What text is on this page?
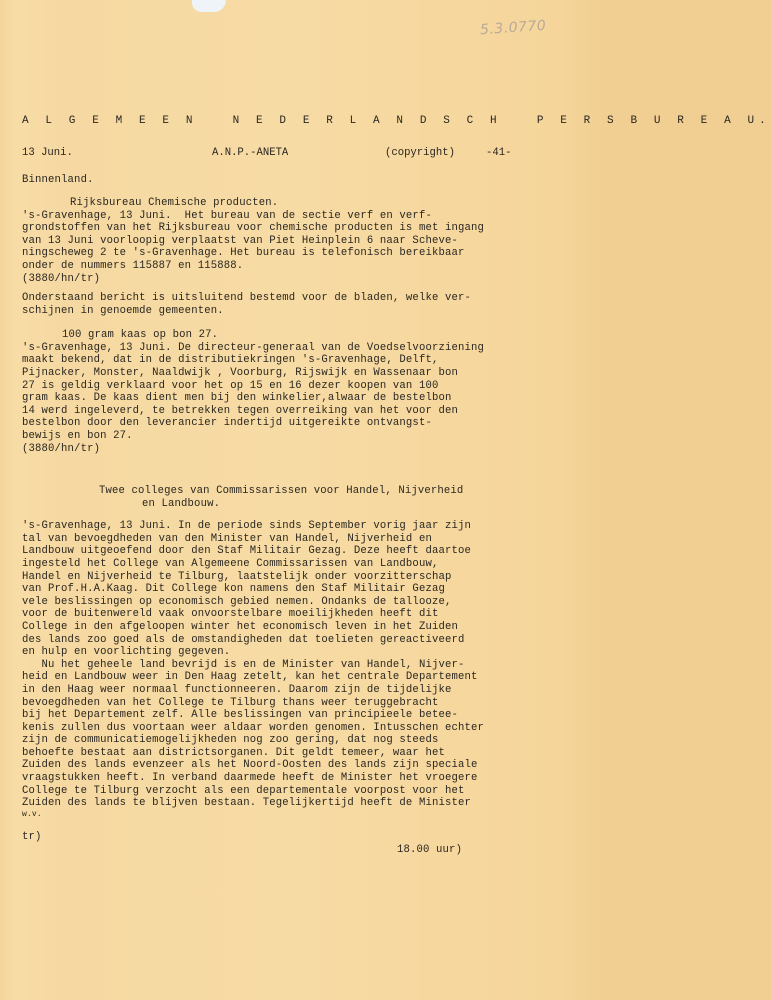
5.3.0770
A L G E M E E N   N E D E R L A N D S C H   P E R S B U R E A U.

13 Juni.

	A.N.P.-ANETA

	(copyright)

	-41-

Binnenland.
Rijksbureau Chemische producten.
's-Gravenhage, 13 Juni.  Het bureau van de sectie verf en verf-
grondstoffen van het Rijksbureau voor chemische producten is met ingang
van 13 Juni voorloopig verplaatst van Piet Heinplein 6 naar Scheve-
ningscheweg 2 te 's-Gravenhage. Het bureau is telefonisch bereikbaar
onder de nummers 115887 en 115888.
(3880/hn/tr)
Onderstaand bericht is uitsluitend bestemd voor de bladen, welke ver-
schijnen in genoemde gemeenten.
100 gram kaas op bon 27.
's-Gravenhage, 13 Juni. De directeur-generaal van de Voedselvoorziening
maakt bekend, dat in de distributiekringen 's-Gravenhage, Delft,
Pijnacker, Monster, Naaldwijk , Voorburg, Rijswijk en Wassenaar bon
27 is geldig verklaard voor het op 15 en 16 dezer koopen van 100
gram kaas. De kaas dient men bij den winkelier,alwaar de bestelbon
14 werd ingeleverd, te betrekken tegen overreiking van het voor den
bestelbon door den leverancier indertijd uitgereikte ontvangst-
bewijs en bon 27.
(3880/hn/tr)
Twee colleges van Commissarissen voor Handel, Nijverheid
en Landbouw.
's-Gravenhage, 13 Juni. In de periode sinds September vorig jaar zijn
tal van bevoegdheden van den Minister van Handel, Nijverheid en
Landbouw uitgeoefend door den Staf Militair Gezag. Deze heeft daartoe
ingesteld het College van Algemeene Commissarissen van Landbouw,
Handel en Nijverheid te Tilburg, laatstelijk onder voorzitterschap
van Prof.H.A.Kaag. Dit College kon namens den Staf Militair Gezag
vele beslissingen op economisch gebied nemen. Ondanks de tallooze,
voor de buitenwereld vaak onvoorstelbare moeilijkheden heeft dit
College in den afgeloopen winter het economisch leven in het Zuiden
des lands zoo goed als de omstandigheden dat toelieten gereactiveerd
en hulp en voorlichting gegeven.
Nu het geheele land bevrijd is en de Minister van Handel, Nijver-
heid en Landbouw weer in Den Haag zetelt, kan het centrale Departement
in den Haag weer normaal functionneeren. Daarom zijn de tijdelijke
bevoegdheden van het College te Tilburg thans weer teruggebracht
bij het Departement zelf. Alle beslissingen van principieele betee-
kenis zullen dus voortaan weer aldaar worden genomen. Intusschen echter
zijn de communicatiemogelijkheden nog zoo gering, dat nog steeds
behoefte bestaat aan districtsorganen. Dit geldt temeer, waar het
Zuiden des lands evenzeer als het Noord-Oosten des lands zijn speciale
vraagstukken heeft. In verband daarmede heeft de Minister het vroegere
College te Tilburg verzocht als een departementale voorpost voor het
Zuiden des lands te blijven bestaan. Tegelijkertijd heeft de Minister
w.v.

tr)

18.00 uur)
